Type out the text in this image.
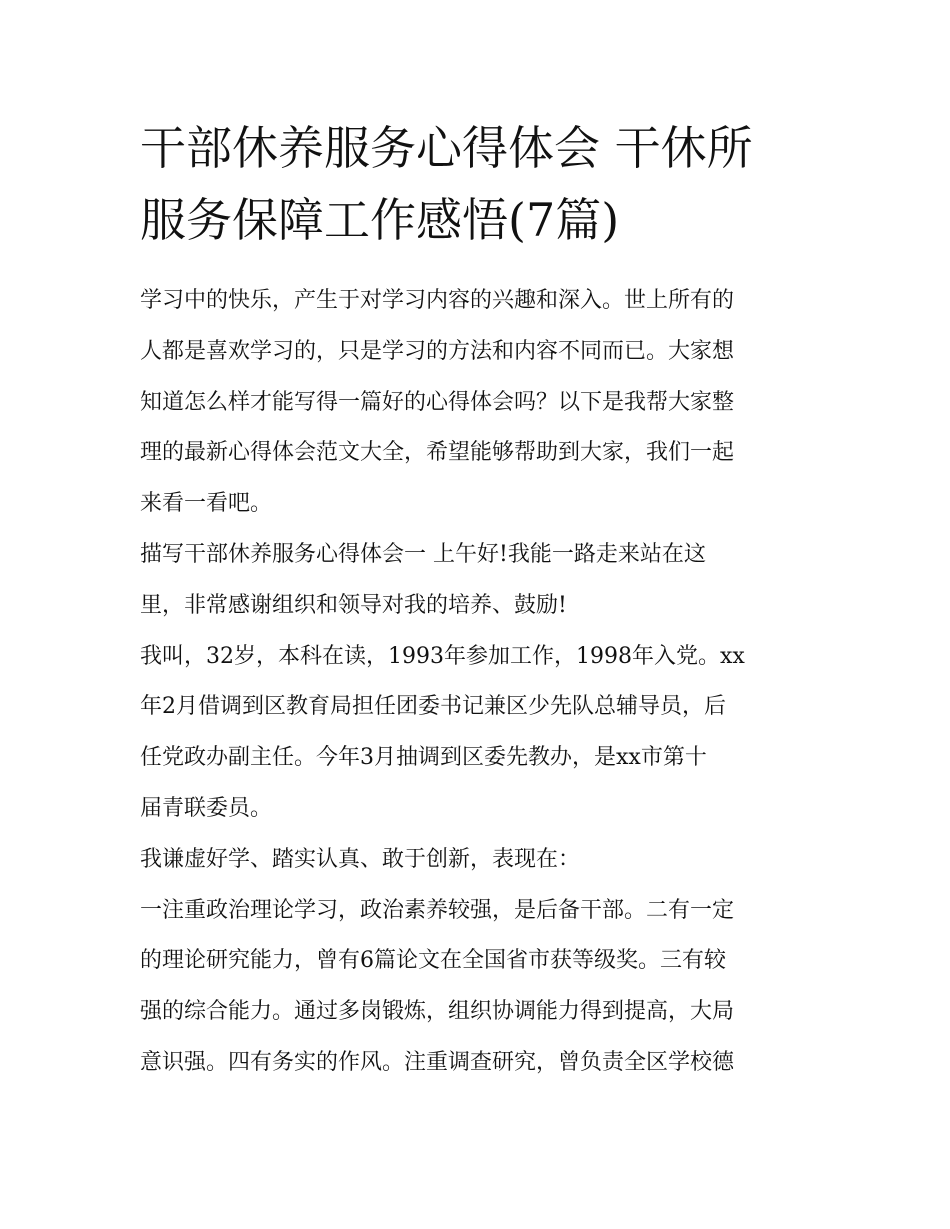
干部休养服务心得体会 干休所
服务保障工作感悟(7篇)
学习中的快乐，产生于对学习内容的兴趣和深入。世上所有的
人都是喜欢学习的，只是学习的方法和内容不同而已。大家想
知道怎么样才能写得一篇好的心得体会吗？以下是我帮大家整
理的最新心得体会范文大全，希望能够帮助到大家，我们一起
来看一看吧。
描写干部休养服务心得体会一 上午好!我能一路走来站在这
里，非常感谢组织和领导对我的培养、鼓励!
我叫，32岁，本科在读，1993年参加工作，1998年入党。xx
年2月借调到区教育局担任团委书记兼区少先队总辅导员，后
任党政办副主任。今年3月抽调到区委先教办，是xx市第十
届青联委员。
我谦虚好学、踏实认真、敢于创新，表现在：
一注重政治理论学习，政治素养较强，是后备干部。二有一定
的理论研究能力，曾有6篇论文在全国省市获等级奖。三有较
强的综合能力。通过多岗锻炼，组织协调能力得到提高，大局
意识强。四有务实的作风。注重调查研究，曾负责全区学校德
